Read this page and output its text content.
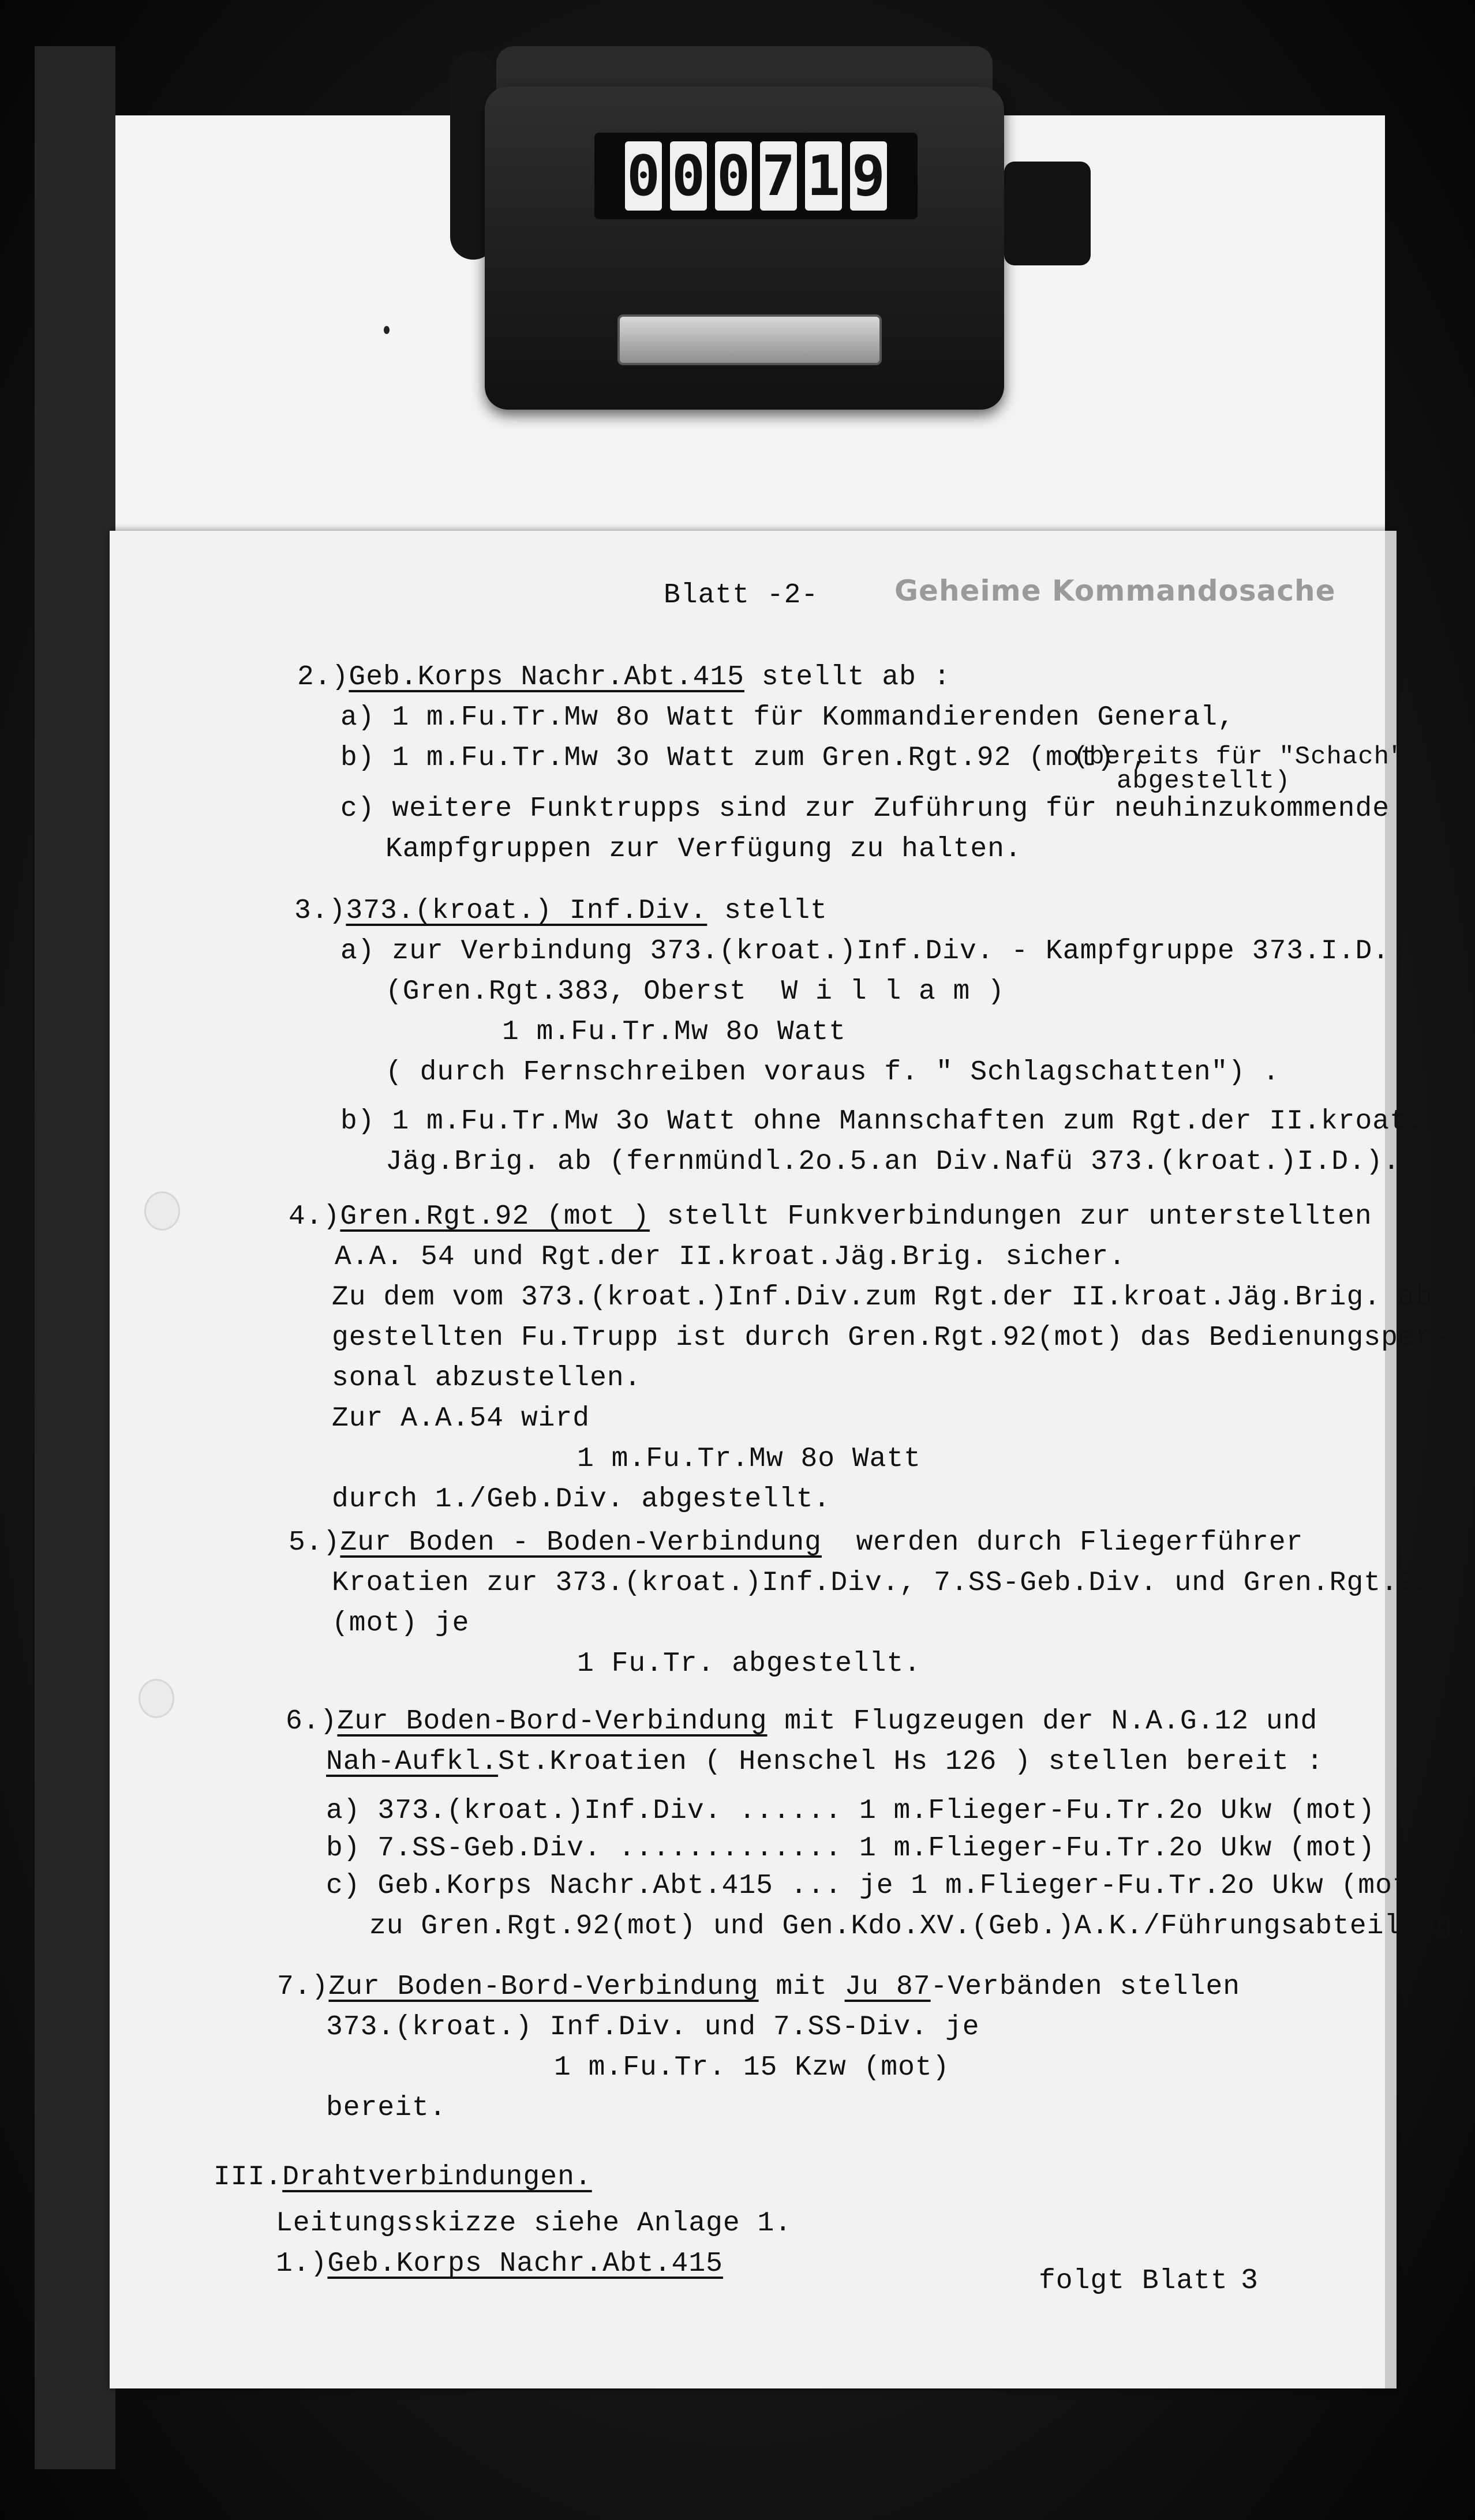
0 0 0 7 1 9
Blatt -2-	Geheime Kommandosache
2.)Geb.Korps Nachr.Abt.415 stellt ab :
a) 1 m.Fu.Tr.Mw 8o Watt für Kommandierenden General,
b) 1 m.Fu.Tr.Mw 3o Watt zum Gren.Rgt.92 (mot) ,
(bereits für "Schach"
abgestellt)
c) weitere Funktrupps sind zur Zuführung für neuhinzukommende
Kampfgruppen zur Verfügung zu halten.
3.)373.(kroat.) Inf.Div. stellt
a) zur Verbindung 373.(kroat.)Inf.Div. - Kampfgruppe 373.I.D.
(Gren.Rgt.383, Oberst  W i l l a m )
1 m.Fu.Tr.Mw 8o Watt
( durch Fernschreiben voraus f. " Schlagschatten") .
b) 1 m.Fu.Tr.Mw 3o Watt ohne Mannschaften zum Rgt.der II.kroat.
Jäg.Brig. ab (fernmündl.2o.5.an Div.Nafü 373.(kroat.)I.D.).
4.)Gren.Rgt.92 (mot ) stellt Funkverbindungen zur unterstellten
A.A. 54 und Rgt.der II.kroat.Jäg.Brig. sicher.
Zu dem vom 373.(kroat.)Inf.Div.zum Rgt.der II.kroat.Jäg.Brig. ab-
gestellten Fu.Trupp ist durch Gren.Rgt.92(mot) das Bedienungsper-
sonal abzustellen.
Zur A.A.54 wird
1 m.Fu.Tr.Mw 8o Watt
durch 1./Geb.Div. abgestellt.
5.)Zur Boden - Boden-Verbindung  werden durch Fliegerführer
Kroatien zur 373.(kroat.)Inf.Div., 7.SS-Geb.Div. und Gren.Rgt.92
(mot) je
1 Fu.Tr. abgestellt.
6.)Zur Boden-Bord-Verbindung mit Flugzeugen der N.A.G.12 und
Nah-Aufkl.St.Kroatien ( Henschel Hs 126 ) stellen bereit :
a) 373.(kroat.)Inf.Div. ...... 1 m.Flieger-Fu.Tr.2o Ukw (mot)
b) 7.SS-Geb.Div. ............. 1 m.Flieger-Fu.Tr.2o Ukw (mot)
c) Geb.Korps Nachr.Abt.415 ... je 1 m.Flieger-Fu.Tr.2o Ukw (mot)
zu Gren.Rgt.92(mot) und Gen.Kdo.XV.(Geb.)A.K./Führungsabteilung.
7.)Zur Boden-Bord-Verbindung mit Ju 87-Verbänden stellen
373.(kroat.) Inf.Div. und 7.SS-Div. je
1 m.Fu.Tr. 15 Kzw (mot)
bereit.
III.Drahtverbindungen.
Leitungsskizze siehe Anlage 1.
1.)Geb.Korps Nachr.Abt.415
folgt Blatt 3
